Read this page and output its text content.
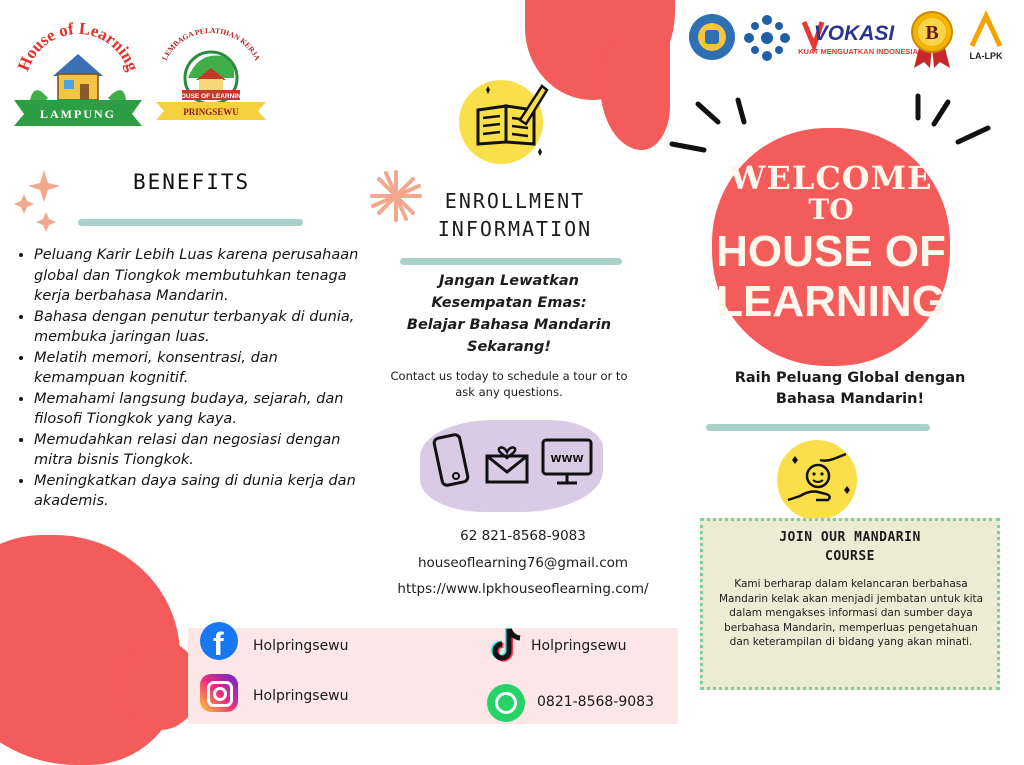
House of Learning
LAMPUNG
LEMBAGA PELATIHAN KERJA
HOUSE OF LEARNING
PRINGSEWU
BENEFITS
• Peluang Karir Lebih Luas karena perusahaan global dan Tiongkok membutuhkan tenaga kerja berbahasa Mandarin.
• Bahasa dengan penutur terbanyak di dunia, membuka jaringan luas.
• Melatih memori, konsentrasi, dan kemampuan kognitif.
• Memahami langsung budaya, sejarah, dan filosofi Tiongkok yang kaya.
• Memudahkan relasi dan negosiasi dengan mitra bisnis Tiongkok.
• Meningkatkan daya saing di dunia kerja dan akademis.
ENROLLMENT
INFORMATION
Jangan Lewatkan
Kesempatan Emas:
Belajar Bahasa Mandarin
Sekarang!
Contact us today to schedule a tour or to
ask any questions.
WWW
62 821-8568-9083
houseoflearning76@gmail.com
https://www.lpkhouseoflearning.com/
f Holpringsewu
Holpringsewu
Holpringsewu
0821-8568-9083
VOKASI
KUAT MENGUATKAN INDONESIA
B
LA-LPK
WELCOME
TO
HOUSE OF
LEARNING
Raih Peluang Global dengan
Bahasa Mandarin!
JOIN OUR MANDARIN
COURSE
Kami berharap dalam kelancaran berbahasa Mandarin kelak akan menjadi jembatan untuk kita dalam mengakses informasi dan sumber daya berbahasa Mandarin, memperluas pengetahuan dan keterampilan di bidang yang akan minati.
